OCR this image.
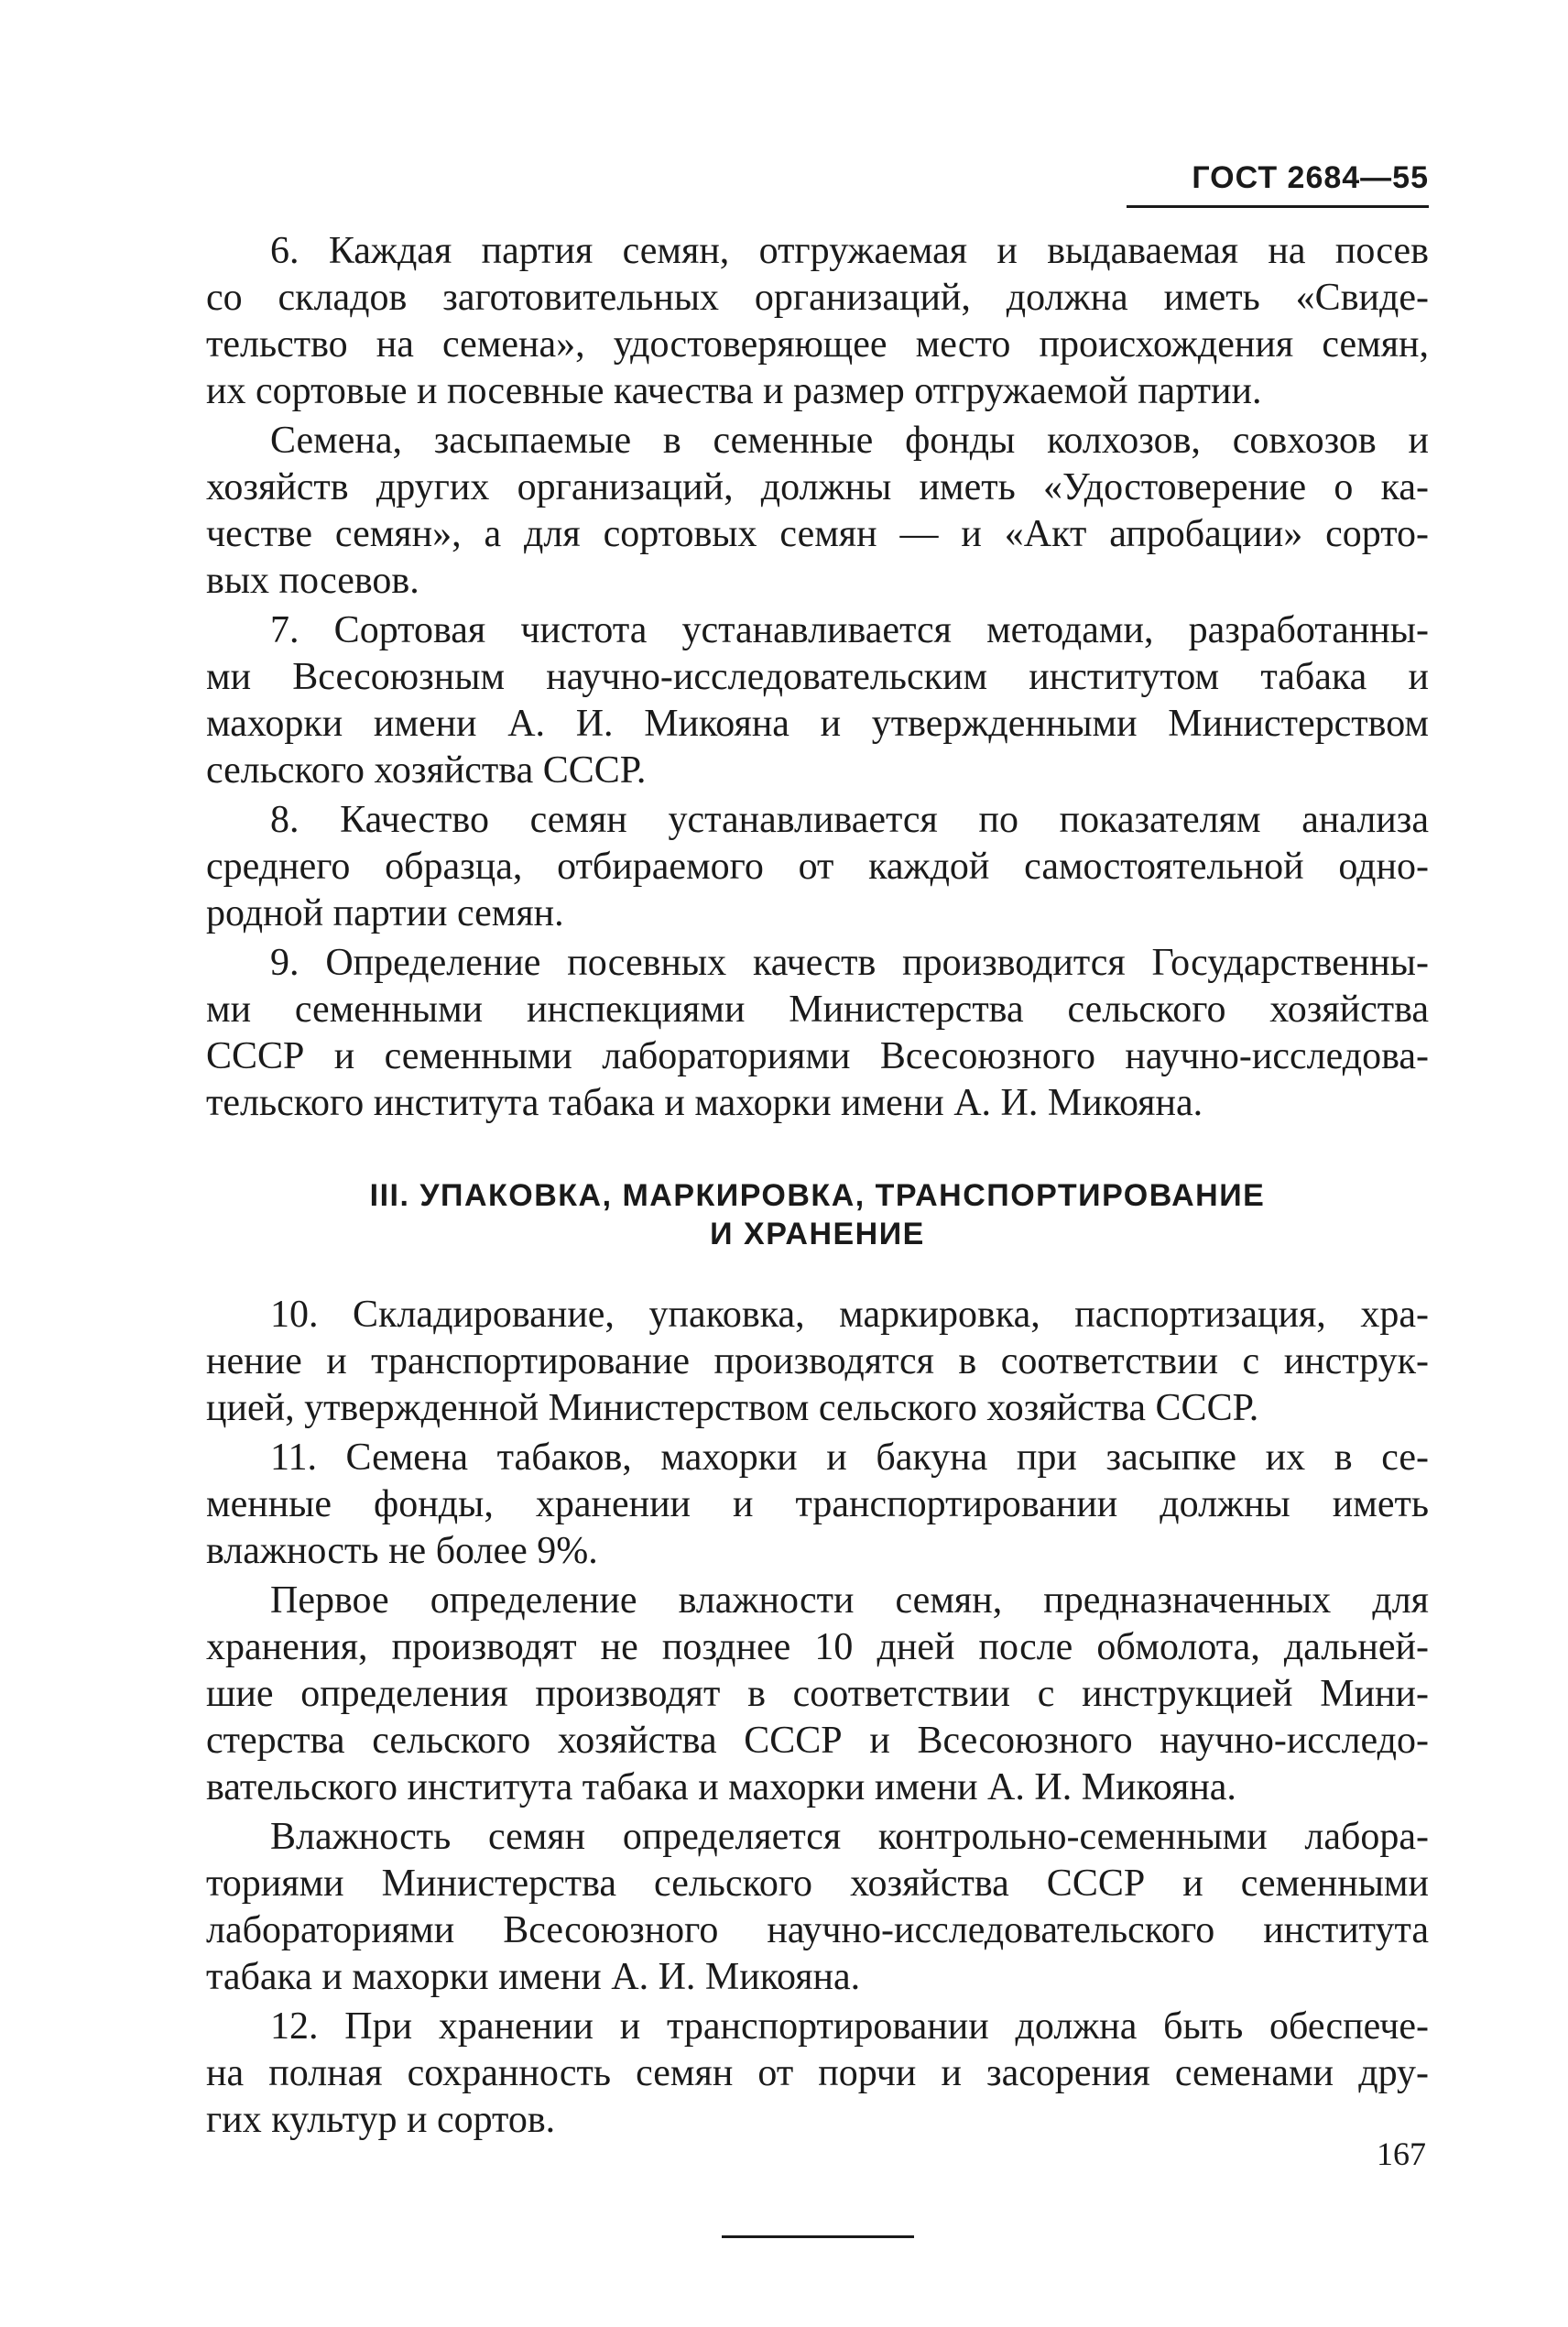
ГОСТ 2684—55
6. Каждая партия семян, отгружаемая и выдаваемая на посев
со складов заготовительных организаций, должна иметь «Свиде-
тельство на семена», удостоверяющее место происхождения семян,
их сортовые и посевные качества и размер отгружаемой партии.
Семена, засыпаемые в семенные фонды колхозов, совхозов и
хозяйств других организаций, должны иметь «Удостоверение о ка-
честве семян», а для сортовых семян — и «Акт апробации» сорто-
вых посевов.
7. Сортовая чистота устанавливается методами, разработанны-
ми Всесоюзным научно-исследовательским институтом табака и
махорки имени А. И. Микояна и утвержденными Министерством
сельского хозяйства СССР.
8. Качество семян устанавливается по показателям анализа
среднего образца, отбираемого от каждой самостоятельной одно-
родной партии семян.
9. Определение посевных качеств производится Государственны-
ми семенными инспекциями Министерства сельского хозяйства
СССР и семенными лабораториями Всесоюзного научно-исследова-
тельского института табака и махорки имени А. И. Микояна.
III. УПАКОВКА, МАРКИРОВКА, ТРАНСПОРТИРОВАНИЕ
И ХРАНЕНИЕ
10. Складирование, упаковка, маркировка, паспортизация, хра-
нение и транспортирование производятся в соответствии с инструк-
цией, утвержденной Министерством сельского хозяйства СССР.
11. Семена табаков, махорки и бакуна при засыпке их в се-
менные фонды, хранении и транспортировании должны иметь
влажность не более 9%.
Первое определение влажности семян, предназначенных для
хранения, производят не позднее 10 дней после обмолота, дальней-
шие определения производят в соответствии с инструкцией Мини-
стерства сельского хозяйства СССР и Всесоюзного научно-исследо-
вательского института табака и махорки имени А. И. Микояна.
Влажность семян определяется контрольно-семенными лабора-
ториями Министерства сельского хозяйства СССР и семенными
лабораториями Всесоюзного научно-исследовательского института
табака и махорки имени А. И. Микояна.
12. При хранении и транспортировании должна быть обеспече-
на полная сохранность семян от порчи и засорения семенами дру-
гих культур и сортов.
167
